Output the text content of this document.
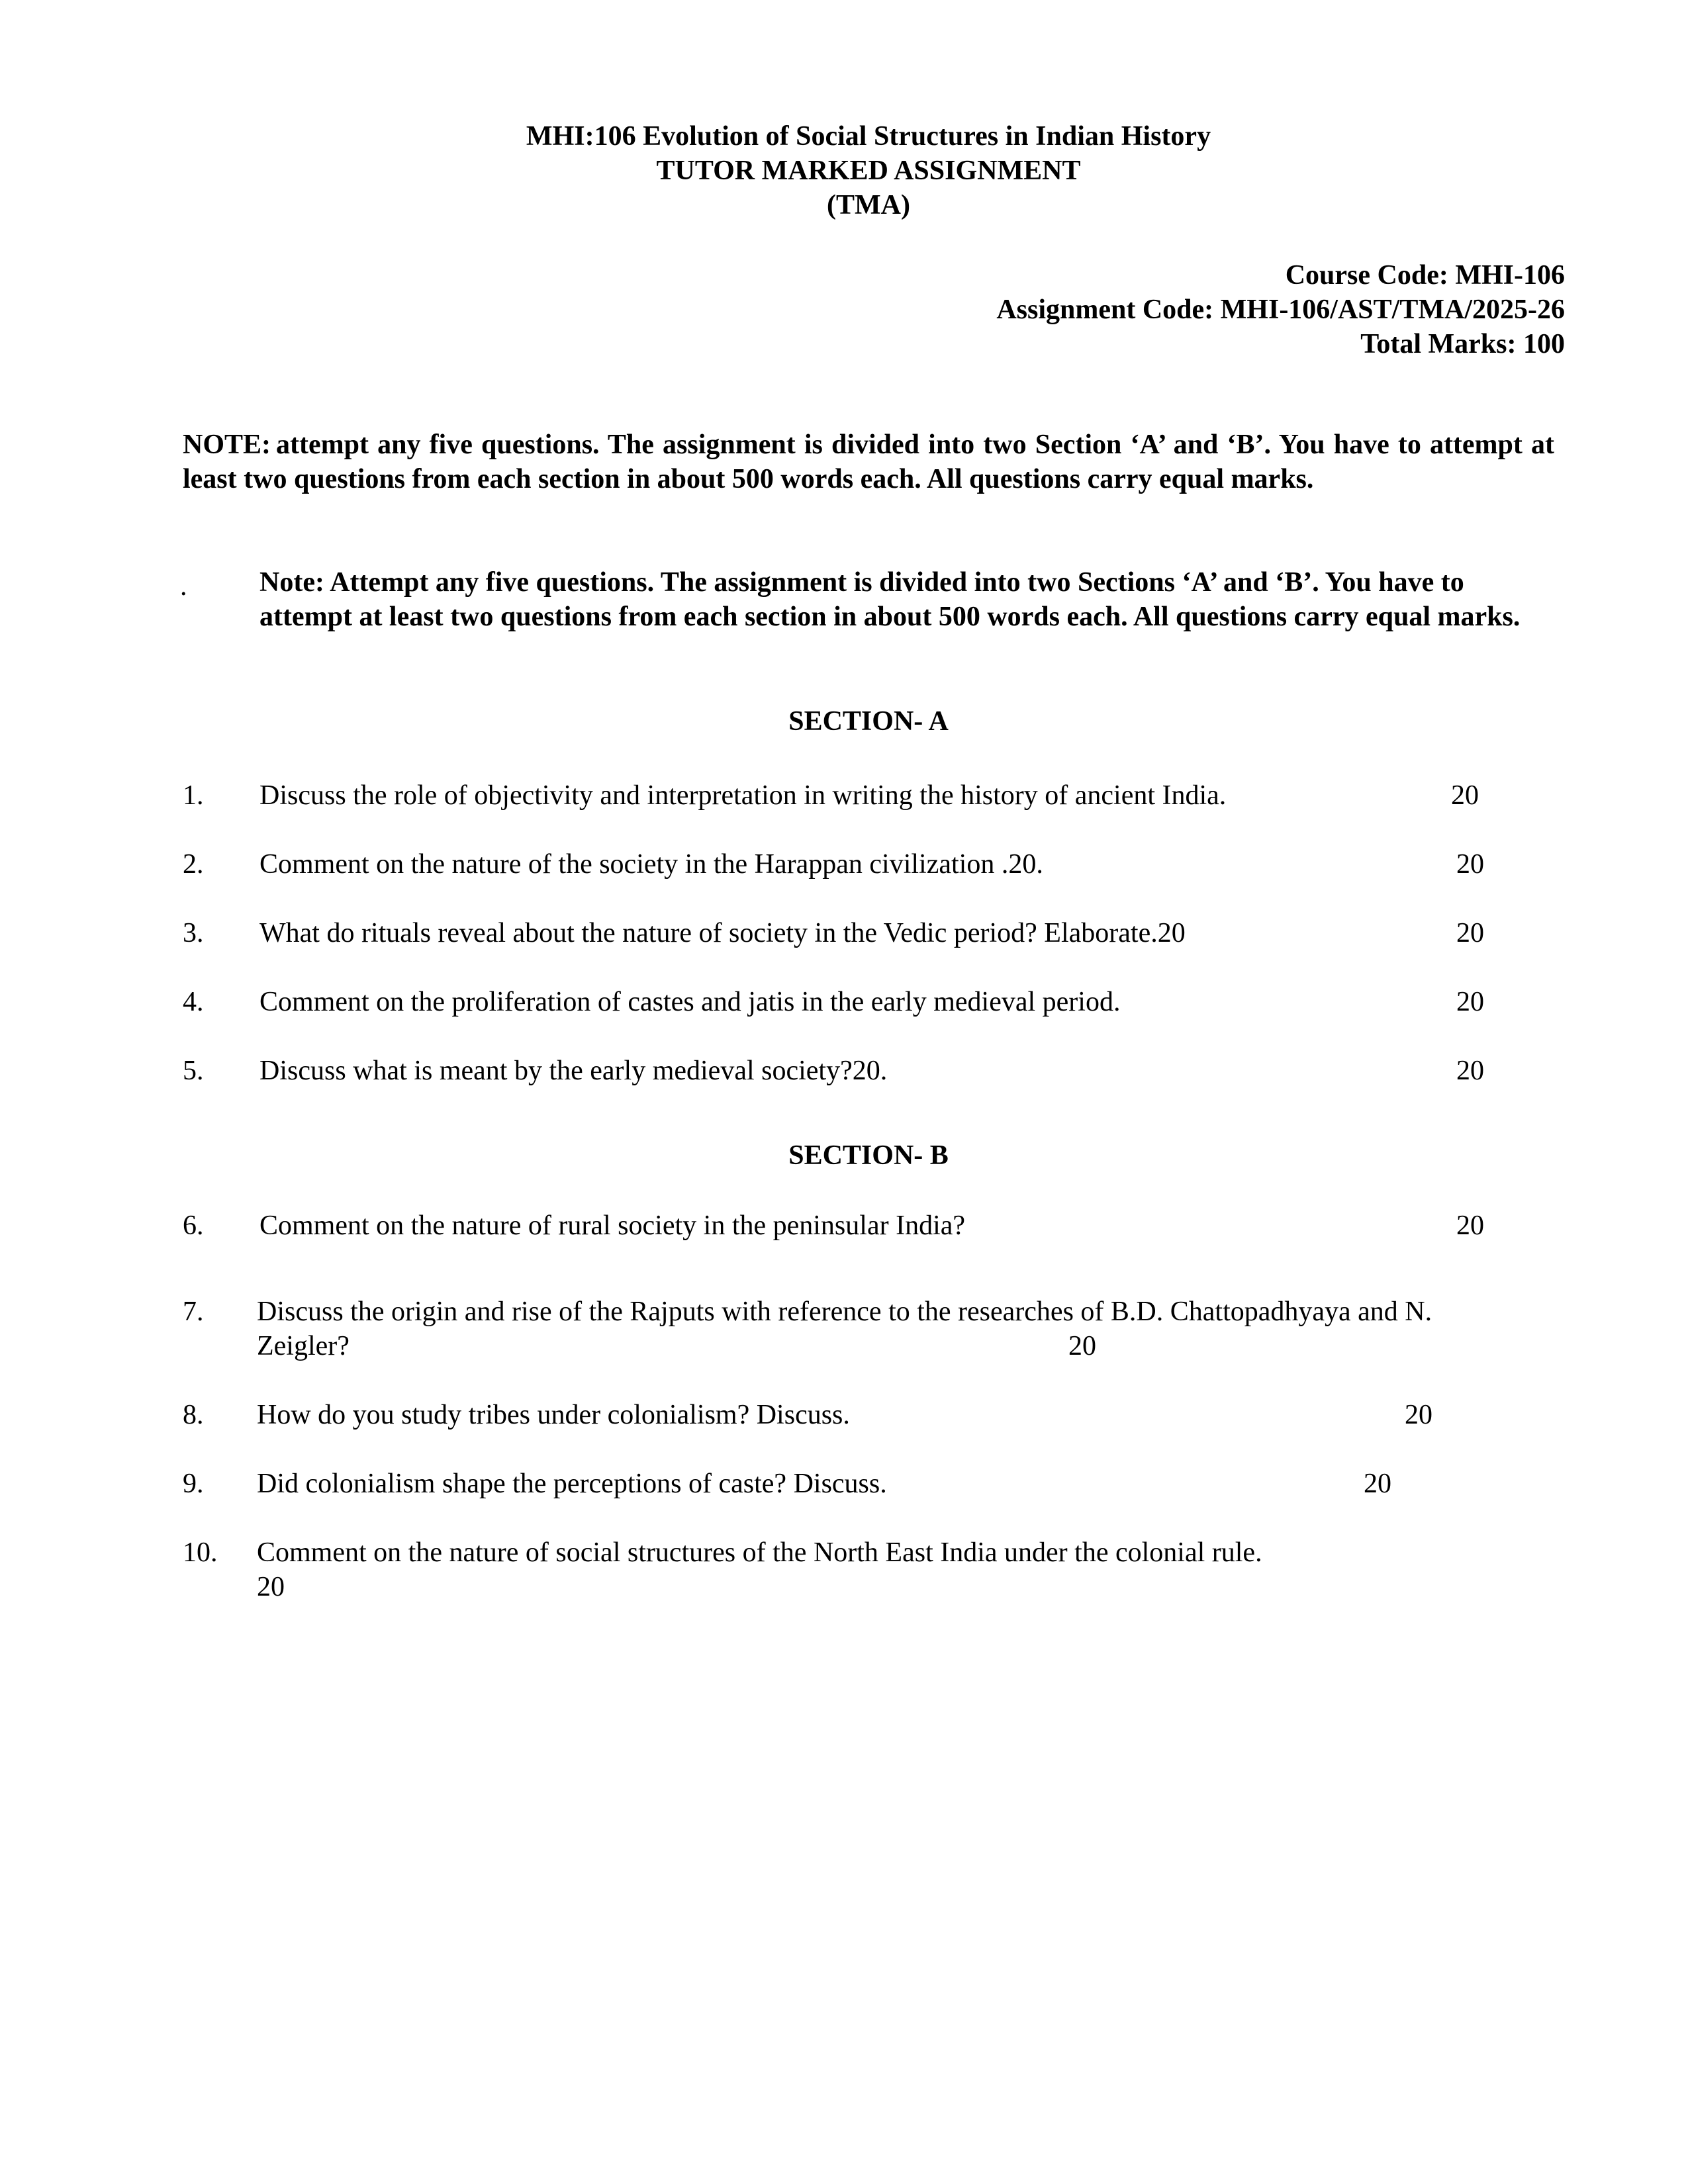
MHI:106 Evolution of Social Structures in Indian History
TUTOR MARKED ASSIGNMENT
(TMA)
Course Code: MHI-106
Assignment Code: MHI-106/AST/TMA/2025-26
Total Marks: 100
NOTE: attempt any five questions. The assignment is divided into two Section ‘A’ and ‘B’. You have to attempt at least two questions from each section in about 500 words each. All questions carry equal marks.
.	Note: Attempt any five questions. The assignment is divided into two Sections ‘A’ and ‘B’. You have to attempt at least two questions from each section in about 500 words each. All questions carry equal marks.
SECTION- A
1. Discuss the role of objectivity and interpretation in writing the history of ancient India.	20
2. Comment on the nature of the society in the Harappan civilization .20.	20
3. What do rituals reveal about the nature of society in the Vedic period? Elaborate.20	20
4. Comment on the proliferation of castes and jatis in the early medieval period.	20
5. Discuss what is meant by the early medieval society?20.	20
SECTION- B
6. Comment on the nature of rural society in the peninsular India?	20
7. Discuss the origin and rise of the Rajputs with reference to the researches of B.D. Chattopadhyaya and N.
Zeigler?	20
8. How do you study tribes under colonialism? Discuss.	20
9. Did colonialism shape the perceptions of caste? Discuss.	20
10. Comment on the nature of social structures of the North East India under the colonial rule.
20
